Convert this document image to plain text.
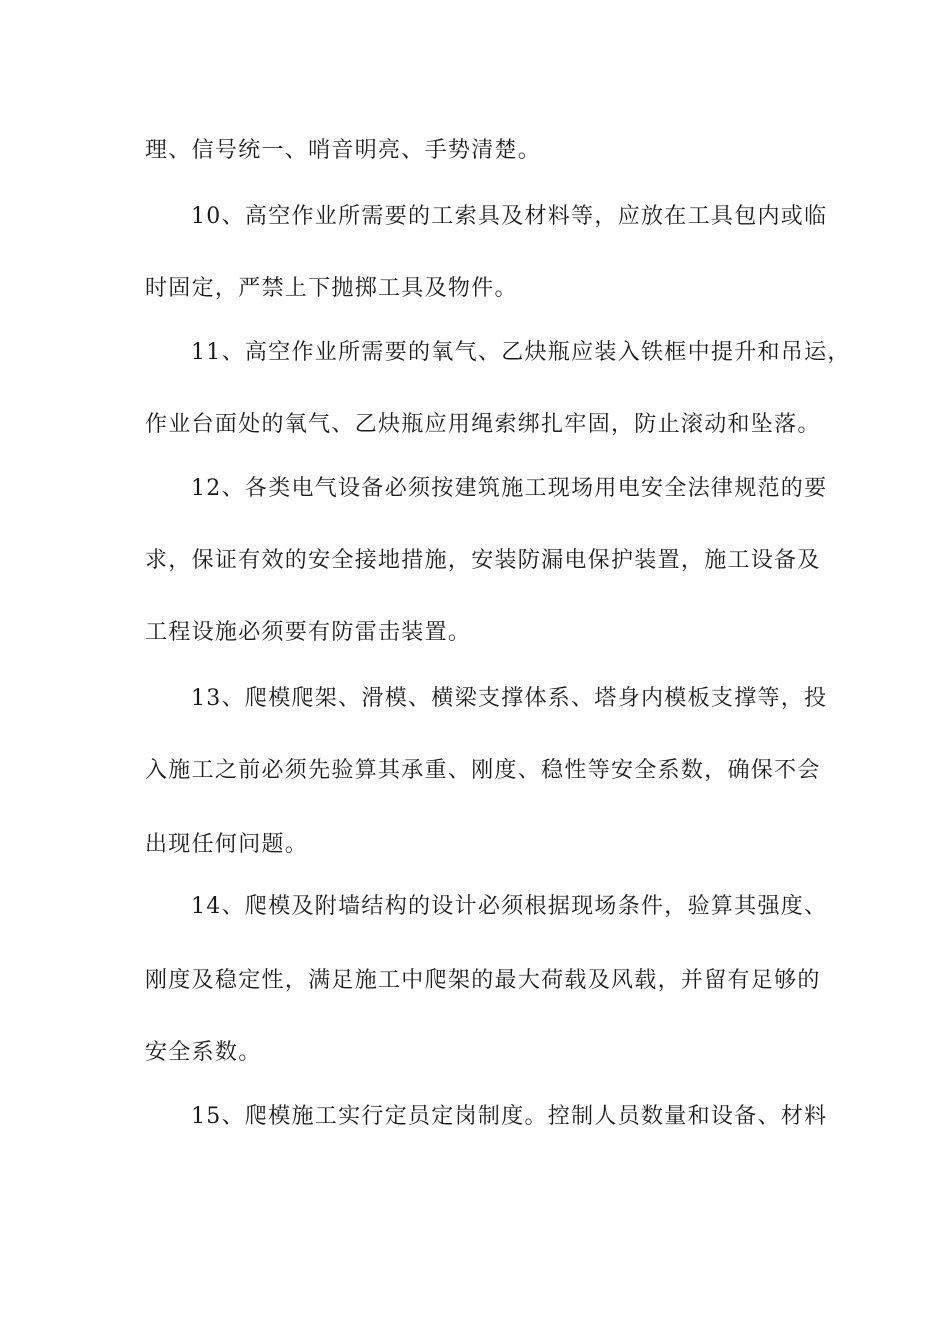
理、信号统一、哨音明亮、手势清楚。

10、高空作业所需要的工索具及材料等，应放在工具包内或临

时固定，严禁上下抛掷工具及物件。

11、高空作业所需要的氧气、乙炔瓶应装入铁框中提升和吊运，

作业台面处的氧气、乙炔瓶应用绳索绑扎牢固，防止滚动和坠落。

12、各类电气设备必须按建筑施工现场用电安全法律规范的要

求，保证有效的安全接地措施，安装防漏电保护装置，施工设备及

工程设施必须要有防雷击装置。

13、爬模爬架、滑模、横梁支撑体系、塔身内模板支撑等，投

入施工之前必须先验算其承重、刚度、稳性等安全系数，确保不会

出现任何问题。

14、爬模及附墙结构的设计必须根据现场条件，验算其强度、

刚度及稳定性，满足施工中爬架的最大荷载及风载，并留有足够的

安全系数。

15、爬模施工实行定员定岗制度。控制人员数量和设备、材料
